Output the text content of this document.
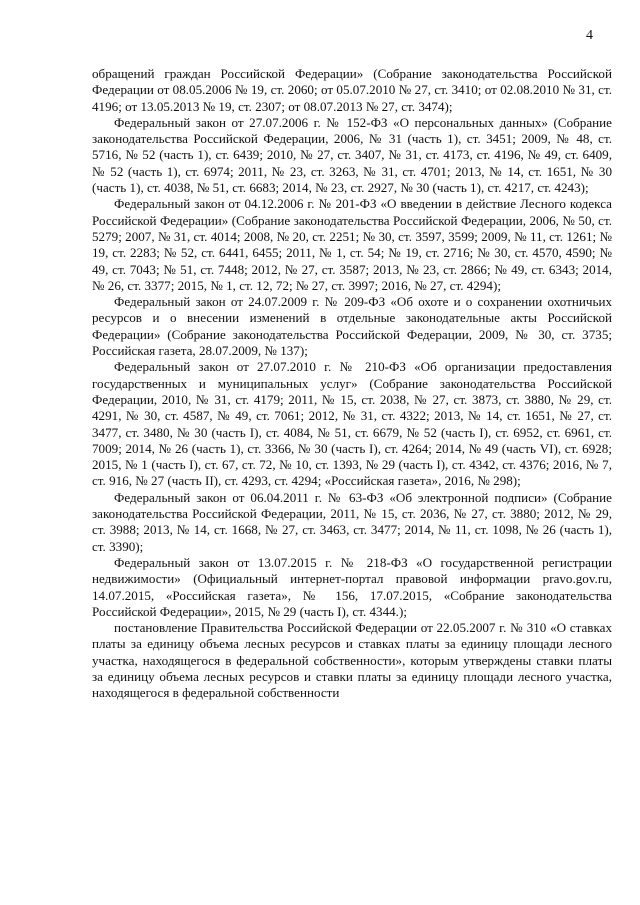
4

обращений граждан Российской Федерации» (Собрание законодательства Российской Федерации от 08.05.2006 № 19, ст. 2060; от 05.07.2010 № 27, ст. 3410; от 02.08.2010 № 31, ст. 4196; от 13.05.2013 № 19, ст. 2307; от 08.07.2013 № 27, ст. 3474);

Федеральный закон от 27.07.2006 г. № 152-ФЗ «О персональных данных» (Собрание законодательства Российской Федерации, 2006, № 31 (часть 1), ст. 3451; 2009, № 48, ст. 5716, № 52 (часть 1), ст. 6439; 2010, № 27, ст. 3407, № 31, ст. 4173, ст. 4196, № 49, ст. 6409, № 52 (часть 1), ст. 6974; 2011, № 23, ст. 3263, № 31, ст. 4701; 2013, № 14, ст. 1651, № 30 (часть 1), ст. 4038, № 51, ст. 6683; 2014, № 23, ст. 2927, № 30 (часть 1), ст. 4217, ст. 4243);

Федеральный закон от 04.12.2006 г. № 201-ФЗ «О введении в действие Лесного кодекса Российской Федерации» (Собрание законодательства Российской Федерации, 2006, № 50, ст. 5279; 2007, № 31, ст. 4014; 2008, № 20, ст. 2251; № 30, ст. 3597, 3599; 2009, № 11, ст. 1261; № 19, ст. 2283; № 52, ст. 6441, 6455; 2011, № 1, ст. 54; № 19, ст. 2716; № 30, ст. 4570, 4590; № 49, ст. 7043; № 51, ст. 7448; 2012, № 27, ст. 3587; 2013, № 23, ст. 2866; № 49, ст. 6343; 2014, № 26, ст. 3377; 2015, № 1, ст. 12, 72; № 27, ст. 3997; 2016, № 27, ст. 4294);

Федеральный закон от 24.07.2009 г. № 209-ФЗ «Об охоте и о сохранении охотничьих ресурсов и о внесении изменений в отдельные законодательные акты Российской Федерации» (Собрание законодательства Российской Федерации, 2009, № 30, ст. 3735; Российская газета, 28.07.2009, № 137);

Федеральный закон от 27.07.2010 г. № 210-ФЗ «Об организации предоставления государственных и муниципальных услуг» (Собрание законодательства Российской Федерации, 2010, № 31, ст. 4179; 2011, № 15, ст. 2038, № 27, ст. 3873, ст. 3880, № 29, ст. 4291, № 30, ст. 4587, № 49, ст. 7061; 2012, № 31, ст. 4322; 2013, № 14, ст. 1651, № 27, ст. 3477, ст. 3480, № 30 (часть I), ст. 4084, № 51, ст. 6679, № 52 (часть I), ст. 6952, ст. 6961, ст. 7009; 2014, № 26 (часть 1), ст. 3366, № 30 (часть I), ст. 4264; 2014, № 49 (часть VI), ст. 6928; 2015, № 1 (часть I), ст. 67, ст. 72, № 10, ст. 1393, № 29 (часть I), ст. 4342, ст. 4376; 2016, № 7, ст. 916, № 27 (часть II), ст. 4293, ст. 4294; «Российская газета», 2016, № 298);

Федеральный закон от 06.04.2011 г. № 63-ФЗ «Об электронной подписи» (Собрание законодательства Российской Федерации, 2011, № 15, ст. 2036, № 27, ст. 3880; 2012, № 29, ст. 3988; 2013, № 14, ст. 1668, № 27, ст. 3463, ст. 3477; 2014, № 11, ст. 1098, № 26 (часть 1), ст. 3390);

Федеральный закон от 13.07.2015 г. № 218-ФЗ «О государственной регистрации недвижимости» (Официальный интернет-портал правовой информации pravo.gov.ru, 14.07.2015, «Российская газета», № 156, 17.07.2015, «Собрание законодательства Российской Федерации», 2015, № 29 (часть I), ст. 4344.);

постановление Правительства Российской Федерации от 22.05.2007 г. № 310 «О ставках платы за единицу объема лесных ресурсов и ставках платы за единицу площади лесного участка, находящегося в федеральной собственности», которым утверждены ставки платы за единицу объема лесных ресурсов и ставки платы за единицу площади лесного участка, находящегося в федеральной собственности
